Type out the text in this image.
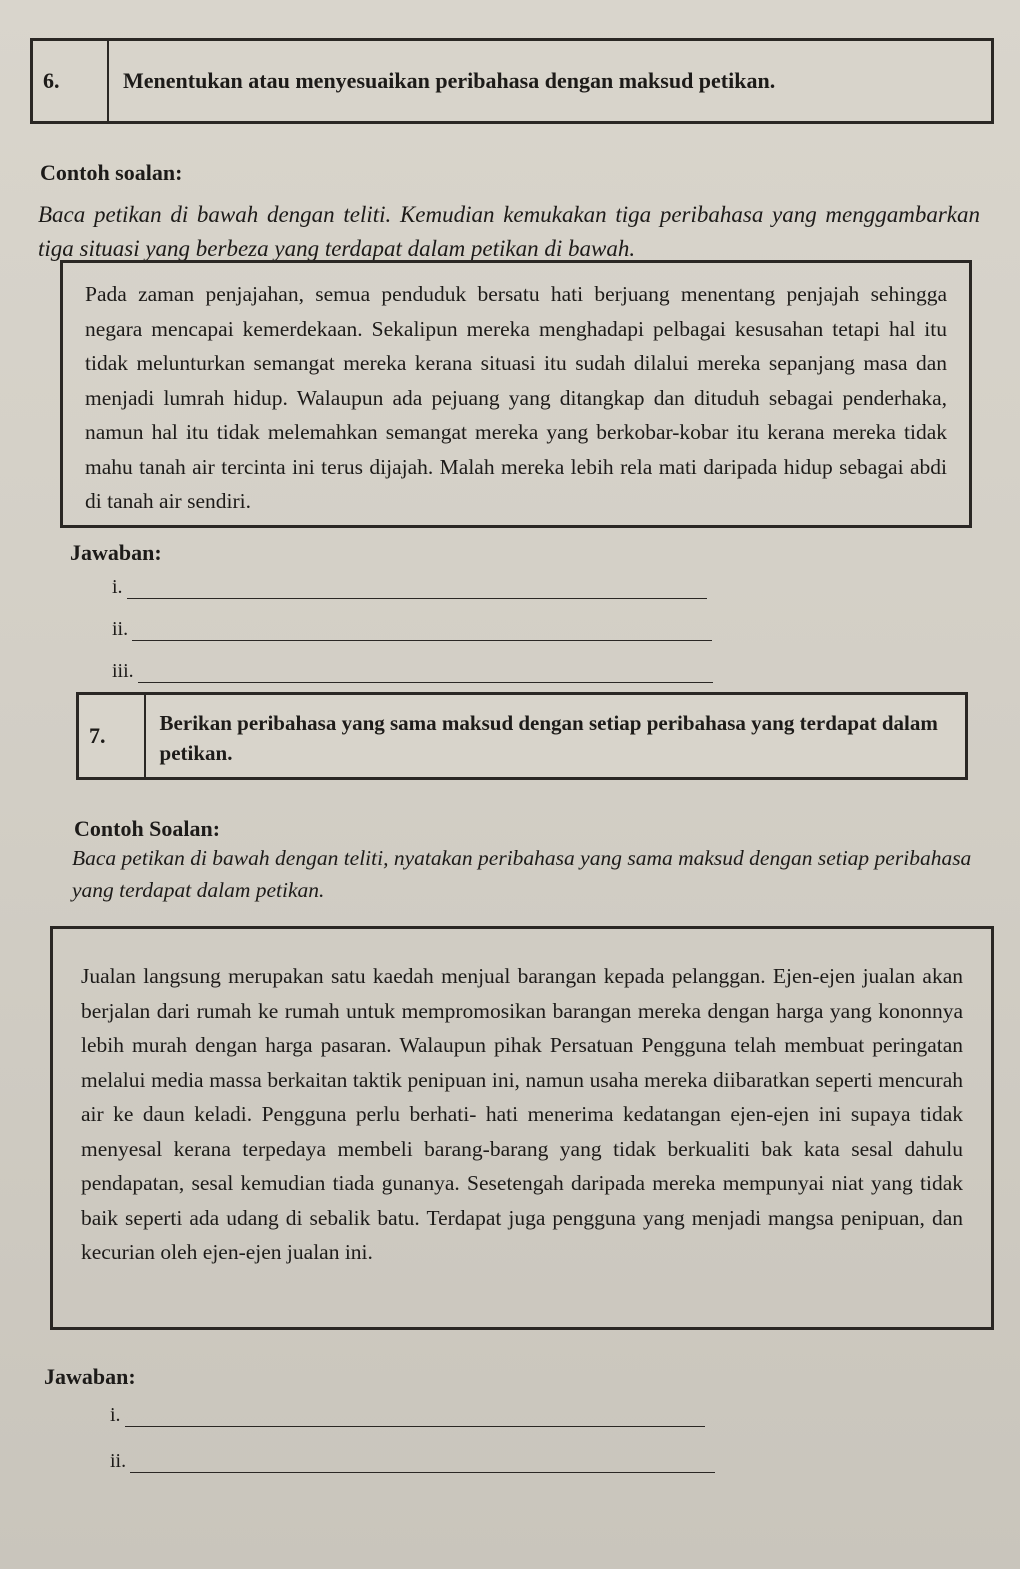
6.	Menentukan atau menyesuaikan peribahasa dengan maksud petikan.
Contoh soalan:
Baca petikan di bawah dengan teliti. Kemudian kemukakan tiga peribahasa yang menggambarkan tiga situasi yang berbeza yang terdapat dalam petikan di bawah.
Pada zaman penjajahan, semua penduduk bersatu hati berjuang menentang penjajah sehingga negara mencapai kemerdekaan. Sekalipun mereka menghadapi pelbagai kesusahan tetapi hal itu tidak melunturkan semangat mereka kerana situasi itu sudah dilalui mereka sepanjang masa dan menjadi lumrah hidup. Walaupun ada pejuang yang ditangkap dan dituduh sebagai penderhaka, namun hal itu tidak melemahkan semangat mereka yang berkobar-kobar itu kerana mereka tidak mahu tanah air tercinta ini terus dijajah. Malah mereka lebih rela mati daripada hidup sebagai abdi di tanah air sendiri.
Jawaban:
i.
ii.
iii.
7.	Berikan peribahasa yang sama maksud dengan setiap peribahasa yang terdapat dalam petikan.
Contoh Soalan:
Baca petikan di bawah dengan teliti, nyatakan peribahasa yang sama maksud dengan setiap peribahasa yang terdapat dalam petikan.
Jualan langsung merupakan satu kaedah menjual barangan kepada pelanggan. Ejen-ejen jualan akan berjalan dari rumah ke rumah untuk mempromosikan barangan mereka dengan harga yang kononnya lebih murah dengan harga pasaran. Walaupun pihak Persatuan Pengguna telah membuat peringatan melalui media massa berkaitan taktik penipuan ini, namun usaha mereka diibaratkan seperti mencurah air ke daun keladi. Pengguna perlu berhati- hati menerima kedatangan ejen-ejen ini supaya tidak menyesal kerana terpedaya membeli barang-barang yang tidak berkualiti bak kata sesal dahulu pendapatan, sesal kemudian tiada gunanya. Sesetengah daripada mereka mempunyai niat yang tidak baik seperti ada udang di sebalik batu. Terdapat juga pengguna yang menjadi mangsa penipuan, dan kecurian oleh ejen-ejen jualan ini.
Jawaban:
i.
ii.
